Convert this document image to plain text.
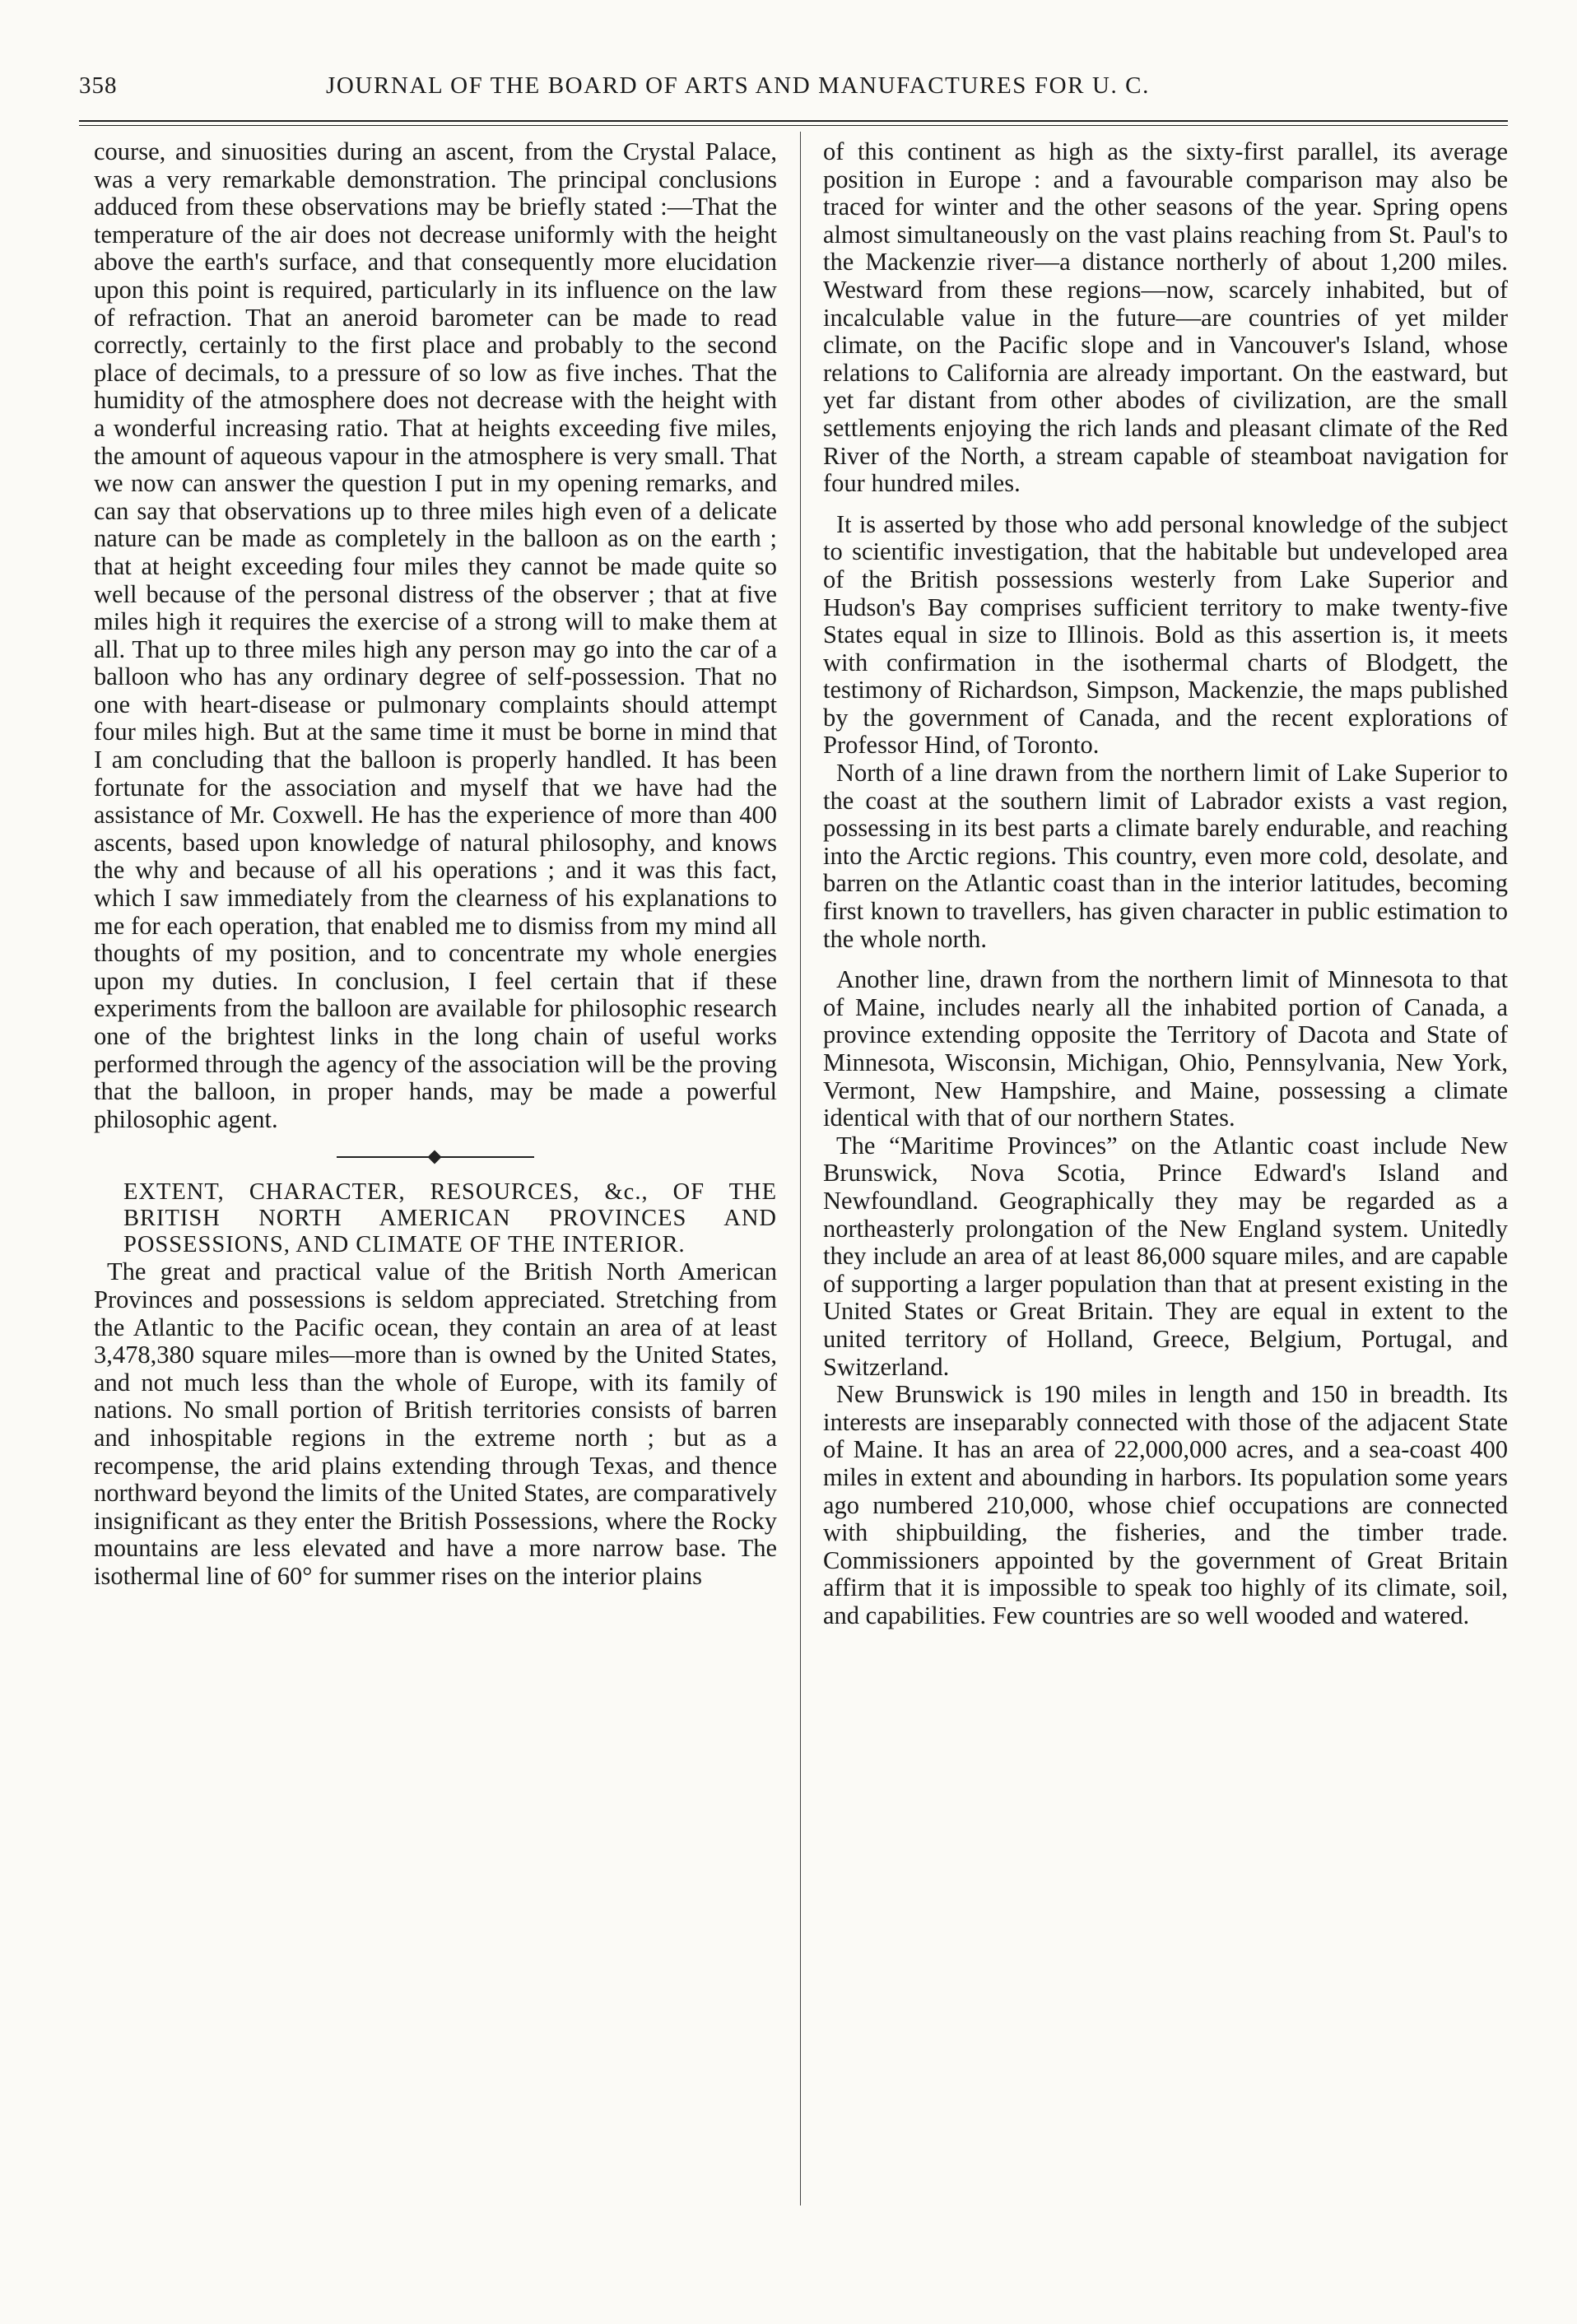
358	JOURNAL OF THE BOARD OF ARTS AND MANUFACTURES FOR U. C.

course, and sinuosities during an ascent, from the Crystal Palace, was a very remarkable demonstration. The principal conclusions adduced from these observations may be briefly stated :—That the temperature of the air does not decrease uniformly with the height above the earth's surface, and that consequently more elucidation upon this point is required, particularly in its influence on the law of refraction. That an aneroid barometer can be made to read correctly, certainly to the first place and probably to the second place of decimals, to a pressure of so low as five inches. That the humidity of the atmosphere does not decrease with the height with a wonderful increasing ratio. That at heights exceeding five miles, the amount of aqueous vapour in the atmosphere is very small. That we now can answer the question I put in my opening remarks, and can say that observations up to three miles high even of a delicate nature can be made as completely in the balloon as on the earth ; that at height exceeding four miles they cannot be made quite so well because of the personal distress of the observer ; that at five miles high it requires the exercise of a strong will to make them at all. That up to three miles high any person may go into the car of a balloon who has any ordinary degree of self-possession. That no one with heart-disease or pulmonary complaints should attempt four miles high. But at the same time it must be borne in mind that I am concluding that the balloon is properly handled. It has been fortunate for the association and myself that we have had the assistance of Mr. Coxwell. He has the experience of more than 400 ascents, based upon knowledge of natural philosophy, and knows the why and because of all his operations ; and it was this fact, which I saw immediately from the clearness of his explanations to me for each operation, that enabled me to dismiss from my mind all thoughts of my position, and to concentrate my whole energies upon my duties. In conclusion, I feel certain that if these experiments from the balloon are available for philosophic research one of the brightest links in the long chain of useful works performed through the agency of the association will be the proving that the balloon, in proper hands, may be made a powerful philosophic agent.

EXTENT, CHARACTER, RESOURCES, &c., OF THE BRITISH NORTH AMERICAN PROVINCES AND POSSESSIONS, AND CLIMATE OF THE INTERIOR.

The great and practical value of the British North American Provinces and possessions is seldom appreciated. Stretching from the Atlantic to the Pacific ocean, they contain an area of at least 3,478,380 square miles—more than is owned by the United States, and not much less than the whole of Europe, with its family of nations. No small portion of British territories consists of barren and inhospitable regions in the extreme north ; but as a recompense, the arid plains extending through Texas, and thence northward beyond the limits of the United States, are comparatively insignificant as they enter the British Possessions, where the Rocky mountains are less elevated and have a more narrow base. The isothermal line of 60° for summer rises on the interior plains

of this continent as high as the sixty-first parallel, its average position in Europe : and a favourable comparison may also be traced for winter and the other seasons of the year. Spring opens almost simultaneously on the vast plains reaching from St. Paul's to the Mackenzie river—a distance northerly of about 1,200 miles. Westward from these regions—now, scarcely inhabited, but of incalculable value in the future—are countries of yet milder climate, on the Pacific slope and in Vancouver's Island, whose relations to California are already important. On the eastward, but yet far distant from other abodes of civilization, are the small settlements enjoying the rich lands and pleasant climate of the Red River of the North, a stream capable of steamboat navigation for four hundred miles.

It is asserted by those who add personal knowledge of the subject to scientific investigation, that the habitable but undeveloped area of the British possessions westerly from Lake Superior and Hudson's Bay comprises sufficient territory to make twenty-five States equal in size to Illinois. Bold as this assertion is, it meets with confirmation in the isothermal charts of Blodgett, the testimony of Richardson, Simpson, Mackenzie, the maps published by the government of Canada, and the recent explorations of Professor Hind, of Toronto.

North of a line drawn from the northern limit of Lake Superior to the coast at the southern limit of Labrador exists a vast region, possessing in its best parts a climate barely endurable, and reaching into the Arctic regions. This country, even more cold, desolate, and barren on the Atlantic coast than in the interior latitudes, becoming first known to travellers, has given character in public estimation to the whole north.

Another line, drawn from the northern limit of Minnesota to that of Maine, includes nearly all the inhabited portion of Canada, a province extending opposite the Territory of Dacota and State of Minnesota, Wisconsin, Michigan, Ohio, Pennsylvania, New York, Vermont, New Hampshire, and Maine, possessing a climate identical with that of our northern States.

The “Maritime Provinces” on the Atlantic coast include New Brunswick, Nova Scotia, Prince Edward's Island and Newfoundland. Geographically they may be regarded as a northeasterly prolongation of the New England system. Unitedly they include an area of at least 86,000 square miles, and are capable of supporting a larger population than that at present existing in the United States or Great Britain. They are equal in extent to the united territory of Holland, Greece, Belgium, Portugal, and Switzerland.

New Brunswick is 190 miles in length and 150 in breadth. Its interests are inseparably connected with those of the adjacent State of Maine. It has an area of 22,000,000 acres, and a sea-coast 400 miles in extent and abounding in harbors. Its population some years ago numbered 210,000, whose chief occupations are connected with shipbuilding, the fisheries, and the timber trade. Commissioners appointed by the government of Great Britain affirm that it is impossible to speak too highly of its climate, soil, and capabilities. Few countries are so well wooded and watered.
